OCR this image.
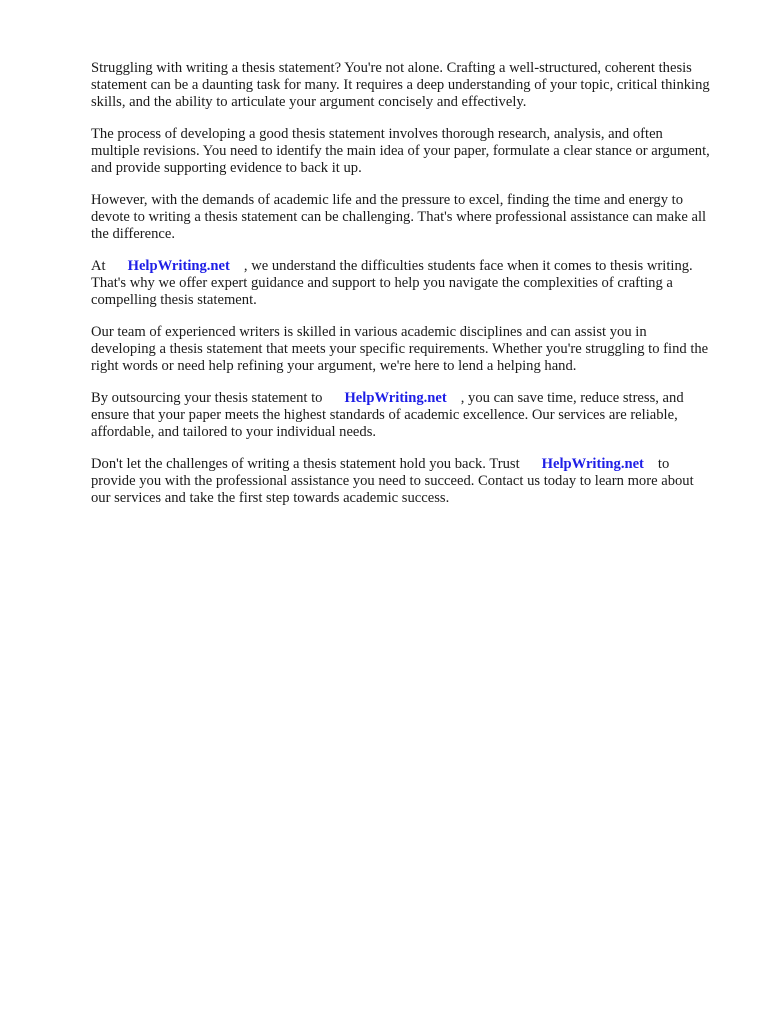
Struggling with writing a thesis statement? You're not alone. Crafting a well-structured, coherent thesis statement can be a daunting task for many. It requires a deep understanding of your topic, critical thinking skills, and the ability to articulate your argument concisely and effectively.

The process of developing a good thesis statement involves thorough research, analysis, and often multiple revisions. You need to identify the main idea of your paper, formulate a clear stance or argument, and provide supporting evidence to back it up.

However, with the demands of academic life and the pressure to excel, finding the time and energy to devote to writing a thesis statement can be challenging. That's where professional assistance can make all the difference.

At HelpWriting.net , we understand the difficulties students face when it comes to thesis writing. That's why we offer expert guidance and support to help you navigate the complexities of crafting a compelling thesis statement.

Our team of experienced writers is skilled in various academic disciplines and can assist you in developing a thesis statement that meets your specific requirements. Whether you're struggling to find the right words or need help refining your argument, we're here to lend a helping hand.

By outsourcing your thesis statement to HelpWriting.net , you can save time, reduce stress, and ensure that your paper meets the highest standards of academic excellence. Our services are reliable, affordable, and tailored to your individual needs.

Don't let the challenges of writing a thesis statement hold you back. Trust HelpWriting.net to provide you with the professional assistance you need to succeed. Contact us today to learn more about our services and take the first step towards academic success.
